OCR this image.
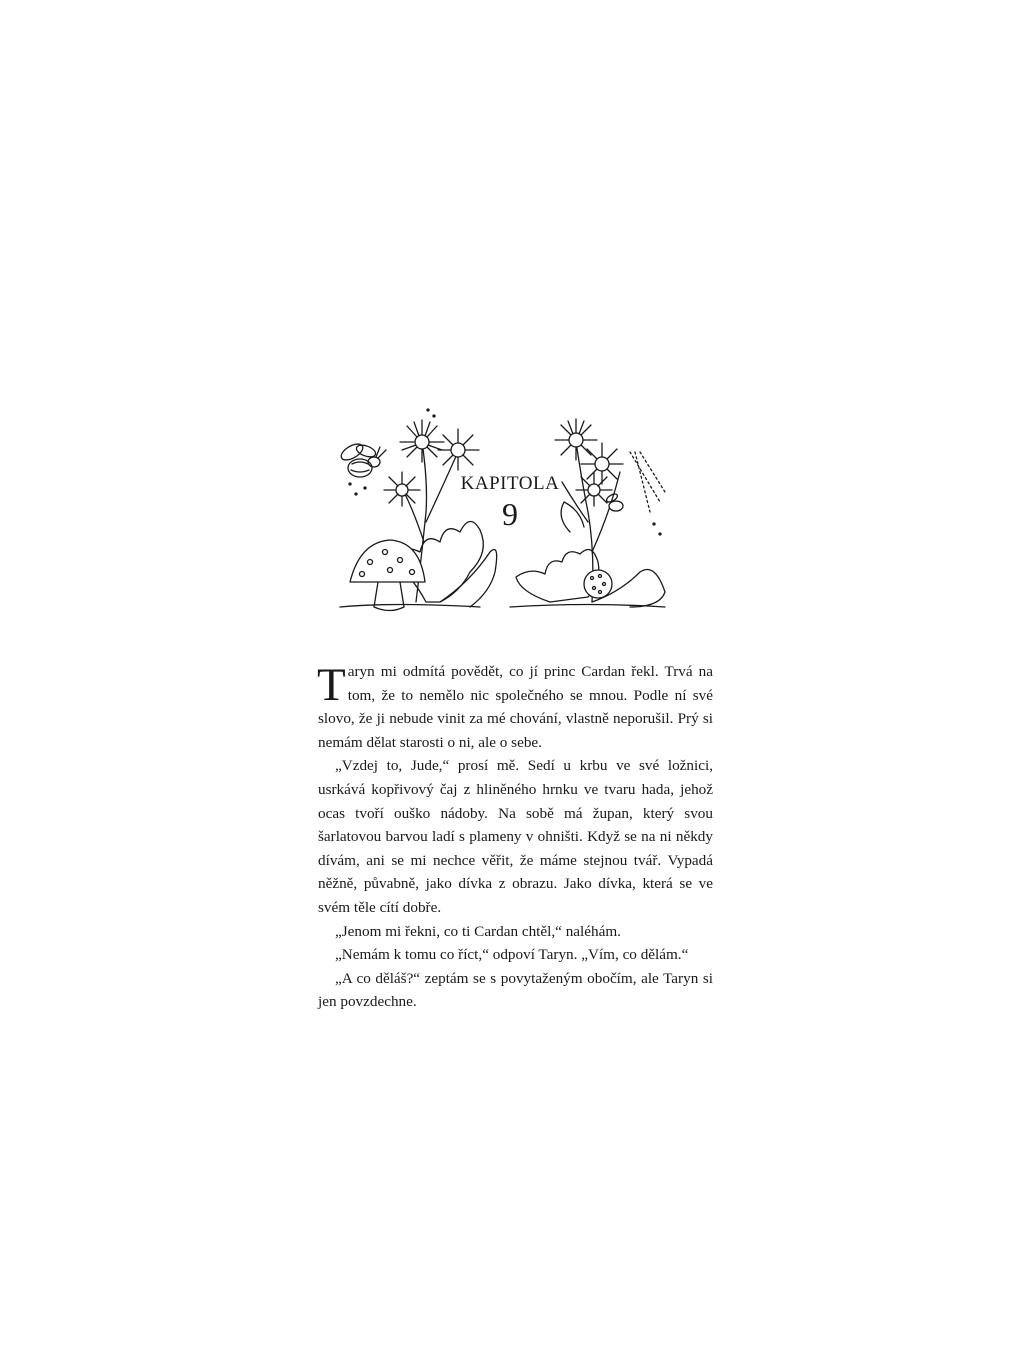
KAPITOLA
9

Taryn mi odmítá povědět, co jí princ Cardan řekl. Trvá na tom, že to nemělo nic společného se mnou. Podle ní své slovo, že ji nebude vinit za mé chování, vlastně neporušil. Prý si nemám dělat starosti o ni, ale o sebe.

„Vzdej to, Jude,“ prosí mě. Sedí u krbu ve své ložnici, usrkává kopřivový čaj z hliněného hrnku ve tvaru hada, jehož ocas tvoří ouško nádoby. Na sobě má župan, který svou šarlatovou barvou ladí s plameny v ohništi. Když se na ni někdy dívám, ani se mi nechce věřit, že máme stejnou tvář. Vypadá něžně, půvabně, jako dívka z obrazu. Jako dívka, která se ve svém těle cítí dobře.

„Jenom mi řekni, co ti Cardan chtěl,“ naléhám.

„Nemám k tomu co říct,“ odpoví Taryn. „Vím, co dělám.“

„A co děláš?“ zeptám se s povytaženým obočím, ale Taryn si jen povzdechne.
